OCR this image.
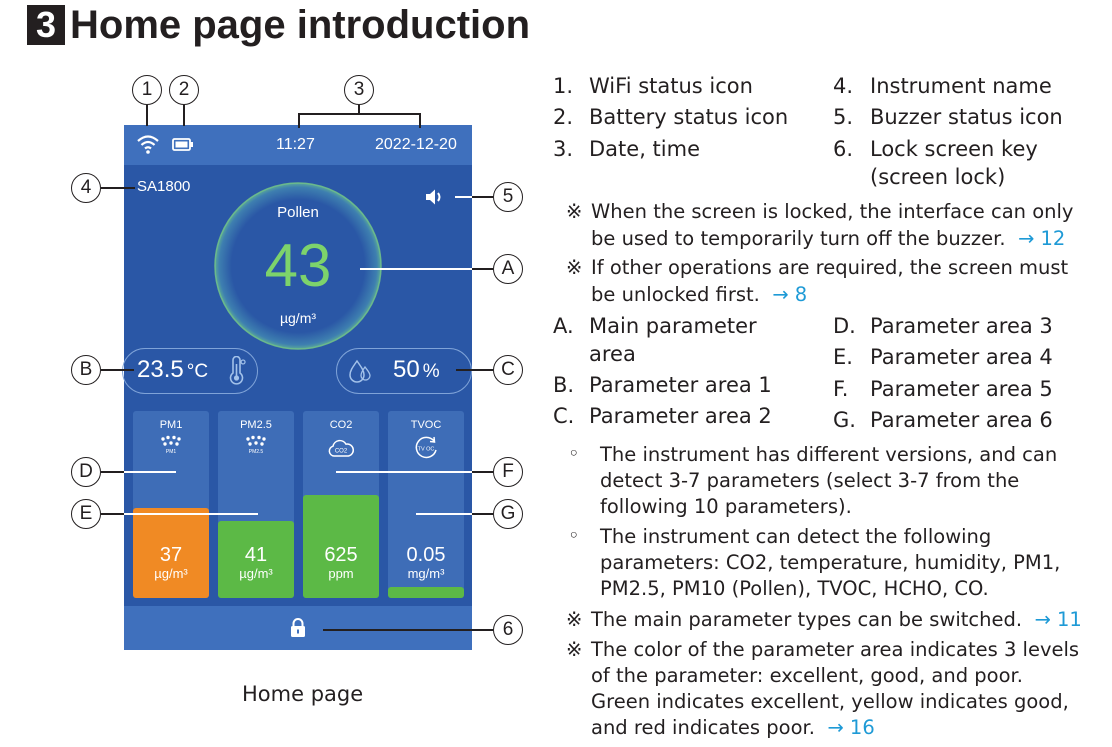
3 Home page introduction
11:27	2022-12-20
SA1800
Pollen
43
µg/m³
23.5 °C	50 %
PM1
PM1
37
µg/m³
PM2.5
PM2.5
41
µg/m³
CO2
CO2
625
ppm
TVOC
TV OC
0.05
mg/m³
1	2	3
4	5
A
B	C
D
E
F
G
6
Home page
1. WiFi status icon
2. Battery status icon
3. Date, time
4. Instrument name
5. Buzzer status icon
6. Lock screen key
(screen lock)
※ When the screen is locked, the interface can only
be used to temporarily turn off the buzzer. → 12
※ If other operations are required, the screen must
be unlocked first. → 8
A. Main parameter
area
B. Parameter area 1
C. Parameter area 2
D. Parameter area 3
E. Parameter area 4
F. Parameter area 5
G. Parameter area 6
◦ The instrument has different versions, and can
detect 3-7 parameters (select 3-7 from the
following 10 parameters).
◦ The instrument can detect the following
parameters: CO2, temperature, humidity, PM1,
PM2.5, PM10 (Pollen), TVOC, HCHO, CO.
※ The main parameter types can be switched. → 11
※ The color of the parameter area indicates 3 levels
of the parameter: excellent, good, and poor.
Green indicates excellent, yellow indicates good,
and red indicates poor. → 16
